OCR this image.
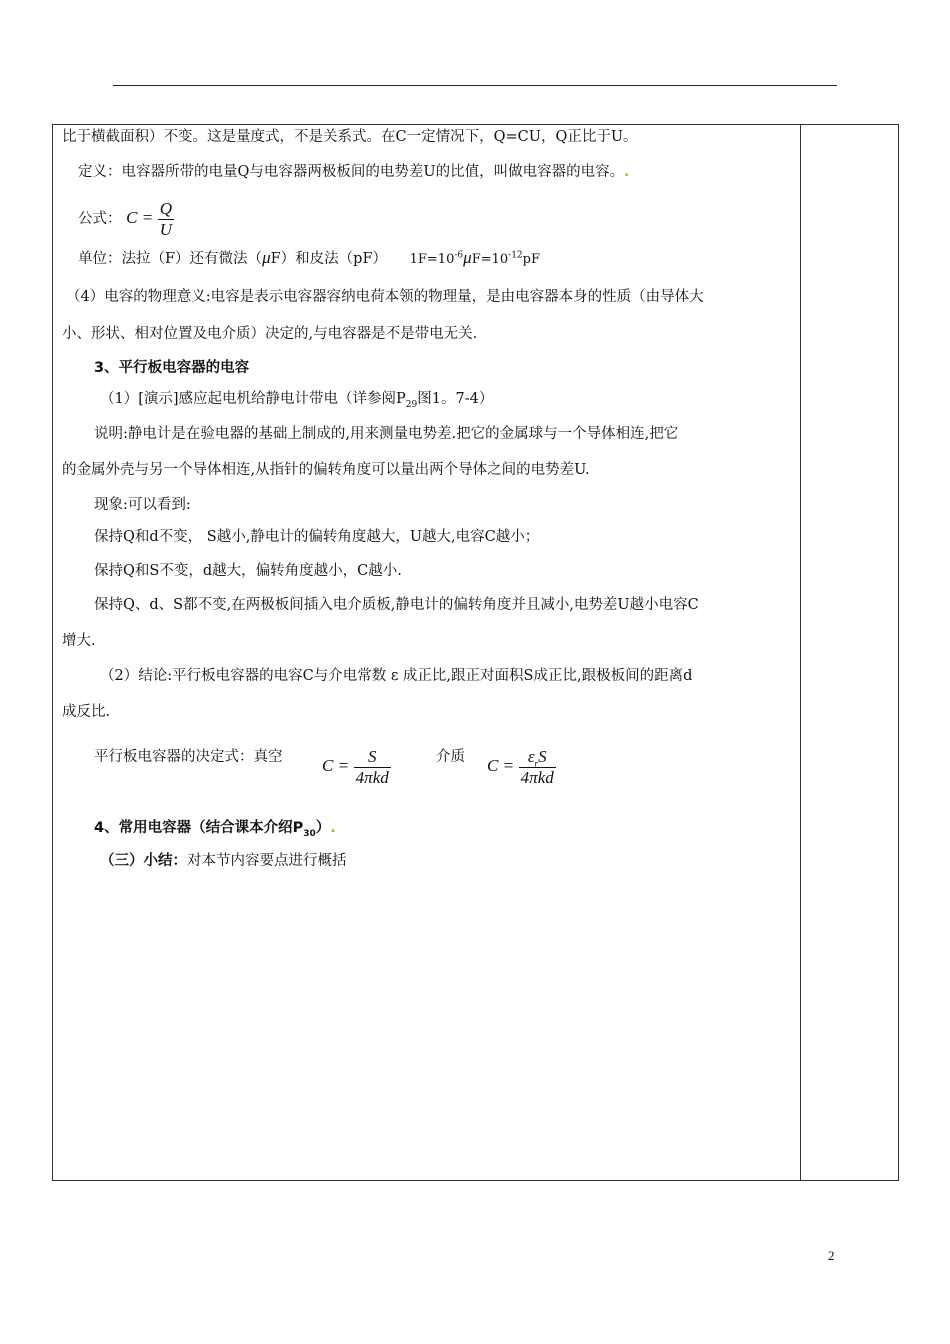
比于横截面积）不变。这是量度式，不是关系式。在C一定情况下，Q=CU，Q正比于U。
定义：电容器所带的电量Q与电容器两极板间的电势差U的比值，叫做电容器的电容。.
公式： $C = \frac{Q}{U}$
单位：法拉（F）还有微法（μF）和皮法（pF） $1F=10^{-6}\mu F=10^{-12}pF$
（4）电容的物理意义:电容是表示电容器容纳电荷本领的物理量，是由电容器本身的性质（由导体大
小、形状、相对位置及电介质）决定的,与电容器是不是带电无关.
3、平行板电容器的电容
（1）[演示]感应起电机给静电计带电（详参阅$P_{29}$图1。7-4）
说明:静电计是在验电器的基础上制成的,用来测量电势差.把它的金属球与一个导体相连,把它
的金属外壳与另一个导体相连,从指针的偏转角度可以量出两个导体之间的电势差U.
现象:可以看到:
保持Q和d不变， S越小,静电计的偏转角度越大，U越大,电容C越小；
保持Q和S不变，d越大，偏转角度越小，C越小.
保持Q、d、S都不变,在两极板间插入电介质板,静电计的偏转角度并且减小,电势差U越小电容C
增大.
（2）结论:平行板电容器的电容C与介电常数 ε 成正比,跟正对面积S成正比,跟极板间的距离d
成反比.
平行板电容器的决定式：真空 $C = \frac{S}{\text{4πkd}}$	介质 $C = \frac{\varepsilon_rS}{\text{4πkd}}$
4、常用电容器（结合课本介绍$P_{30}$）.
（三）小结：对本节内容要点进行概括
2
